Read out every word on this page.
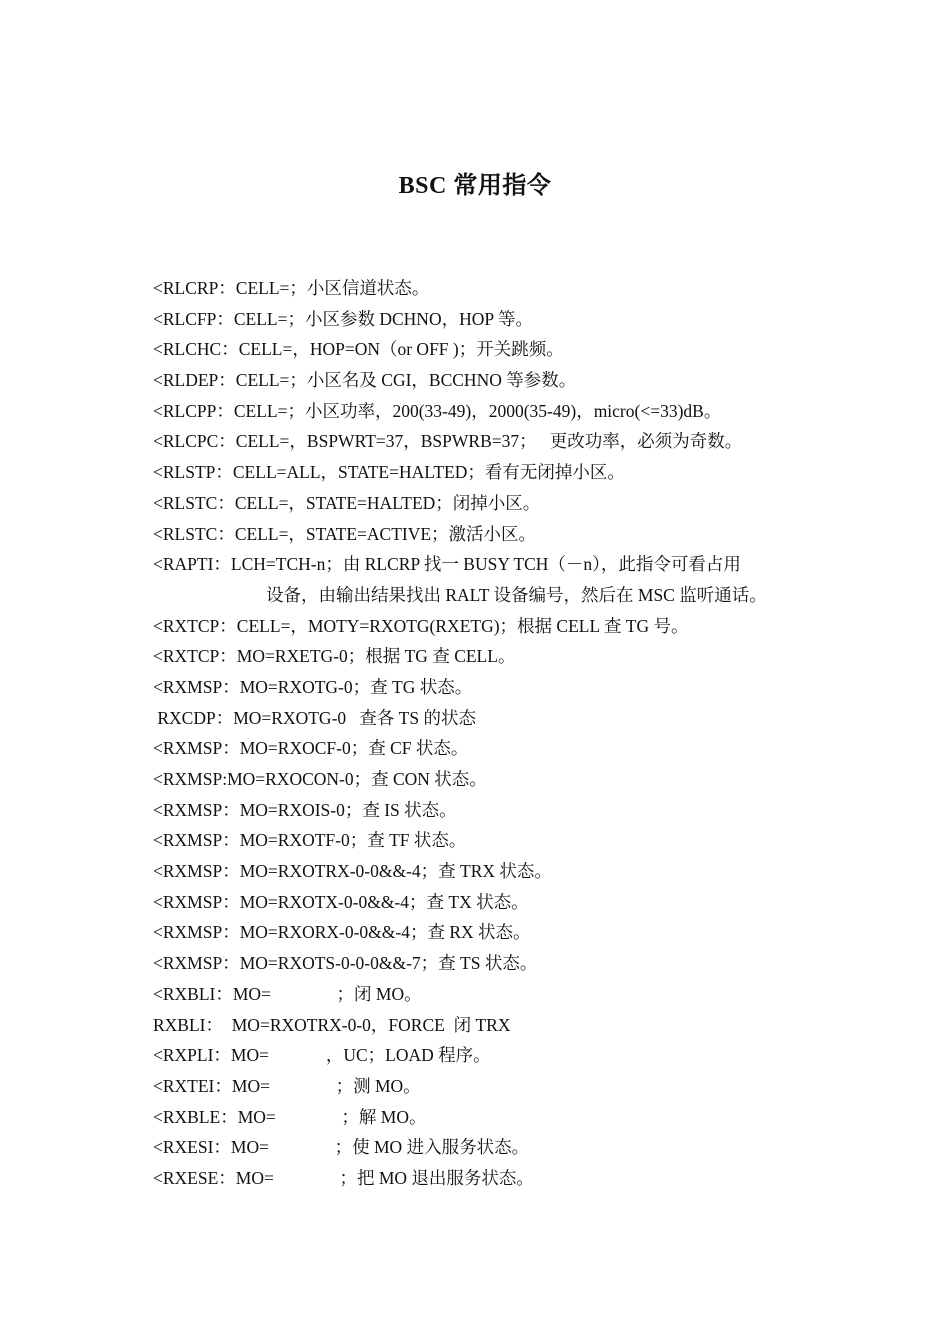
BSC 常用指令
<RLCRP：CELL=；小区信道状态。
<RLCFP：CELL=；小区参数 DCHNO，HOP 等。
<RLCHC：CELL=，HOP=ON（or OFF )；开关跳频。
<RLDEP：CELL=；小区名及 CGI，BCCHNO 等参数。
<RLCPP：CELL=；小区功率，200(33-49)，2000(35-49)，micro(<=33)dB。
<RLCPC：CELL=，BSPWRT=37，BSPWRB=37；   更改功率，必须为奇数。
<RLSTP：CELL=ALL，STATE=HALTED；看有无闭掉小区。
<RLSTC：CELL=，STATE=HALTED；闭掉小区。
<RLSTC：CELL=，STATE=ACTIVE；激活小区。
<RAPTI：LCH=TCH-n；由 RLCRP 找一 BUSY TCH（－n），此指令可看占用
设备，由输出结果找出 RALT 设备编号，然后在 MSC 监听通话。
<RXTCP：CELL=，MOTY=RXOTG(RXETG)；根据 CELL 查 TG 号。
<RXTCP：MO=RXETG-0；根据 TG 查 CELL。
<RXMSP：MO=RXOTG-0；查 TG 状态。
RXCDP：MO=RXOTG-0   查各 TS 的状态
<RXMSP：MO=RXOCF-0；查 CF 状态。
<RXMSP:MO=RXOCON-0；查 CON 状态。
<RXMSP：MO=RXOIS-0；查 IS 状态。
<RXMSP：MO=RXOTF-0；查 TF 状态。
<RXMSP：MO=RXOTRX-0-0&&-4；查 TRX 状态。
<RXMSP：MO=RXOTX-0-0&&-4；查 TX 状态。
<RXMSP：MO=RXORX-0-0&&-4；查 RX 状态。
<RXMSP：MO=RXOTS-0-0-0&&-7；查 TS 状态。
<RXBLI：MO=               ；闭 MO。
RXBLI：  MO=RXOTRX-0-0，FORCE  闭 TRX
<RXPLI：MO=             ，UC；LOAD 程序。
<RXTEI：MO=               ；测 MO。
<RXBLE：MO=               ；解 MO。
<RXESI：MO=               ；使 MO 进入服务状态。
<RXESE：MO=               ；把 MO 退出服务状态。
